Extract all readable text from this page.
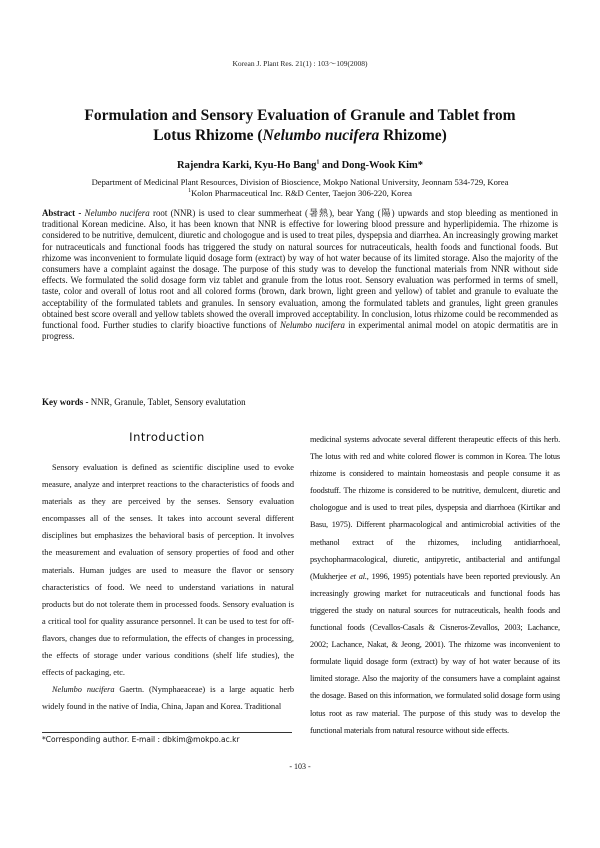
Korean J. Plant Res. 21(1) : 103～109(2008)
Formulation and Sensory Evaluation of Granule and Tablet from
Lotus Rhizome (Nelumbo nucifera Rhizome)
Rajendra Karki, Kyu-Ho Bang$^1$ and Dong-Wook Kim*
Department of Medicinal Plant Resources, Division of Bioscience, Mokpo National University, Jeonnam 534-729, Korea
$^1$Kolon Pharmaceutical Inc. R&D Center, Taejon 306-220, Korea
Abstract - Nelumbo nucifera root (NNR) is used to clear summerheat (暑熱), bear Yang (陽) upwards and stop bleeding as mentioned in traditional Korean medicine. Also, it has been known that NNR is effective for lowering blood pressure and hyperlipidemia. The rhizome is considered to be nutritive, demulcent, diuretic and chologogue and is used to treat piles, dyspepsia and diarrhea. An increasingly growing market for nutraceuticals and functional foods has triggered the study on natural sources for nutraceuticals, health foods and functional foods. But rhizome was inconvenient to formulate liquid dosage form (extract) by way of hot water because of its limited storage. Also the majority of the consumers have a complaint against the dosage. The purpose of this study was to develop the functional materials from NNR without side effects. We formulated the solid dosage form viz tablet and granule from the lotus root. Sensory evaluation was performed in terms of smell, taste, color and overall of lotus root and all colored forms (brown, dark brown, light green and yellow) of tablet and granule to evaluate the acceptability of the formulated tablets and granules. In sensory evaluation, among the formulated tablets and granules, light green granules obtained best score overall and yellow tablets showed the overall improved acceptability. In conclusion, lotus rhizome could be recommended as functional food. Further studies to clarify bioactive functions of Nelumbo nucifera in experimental animal model on atopic dermatitis are in progress.
Key words - NNR, Granule, Tablet, Sensory evalutation
Introduction

Sensory evaluation is defined as scientific discipline used to evoke measure, analyze and interpret reactions to the characteristics of foods and materials as they are perceived by the senses. Sensory evaluation encompasses all of the senses. It takes into account several different disciplines but emphasizes the behavioral basis of perception. It involves the measurement and evaluation of sensory properties of food and other materials. Human judges are used to measure the flavor or sensory characteristics of food. We need to understand variations in natural products but do not tolerate them in processed foods. Sensory evaluation is a critical tool for quality assurance personnel. It can be used to test for off-flavors, changes due to reformulation, the effects of changes in processing, the effects of storage under various conditions (shelf life studies), the effects of packaging, etc.

Nelumbo nucifera Gaertn. (Nymphaeaceae) is a large aquatic herb widely found in the native of India, China, Japan and Korea. Traditional

medicinal systems advocate several different therapeutic effects of this herb. The lotus with red and white colored flower is common in Korea. The lotus rhizome is considered to maintain homeostasis and people consume it as foodstuff. The rhizome is considered to be nutritive, demulcent, diuretic and chologogue and is used to treat piles, dyspepsia and diarrhoea (Kirtikar and Basu, 1975). Different pharmacological and antimicrobial activities of the methanol extract of the rhizomes, including antidiarrhoeal, psychopharmacological, diuretic, antipyretic, antibacterial and antifungal (Mukherjee et al., 1996, 1995) potentials have been reported previously. An increasingly growing market for nutraceuticals and functional foods has triggered the study on natural sources for nutraceuticals, health foods and functional foods (Cevallos-Casals & Cisneros-Zevallos, 2003; Lachance, 2002; Lachance, Nakat, & Jeong, 2001). The rhizome was inconvenient to formulate liquid dosage form (extract) by way of hot water because of its limited storage. Also the majority of the consumers have a complaint against the dosage. Based on this information, we formulated solid dosage form using lotus root as raw material. The purpose of this study was to develop the functional materials from natural resource without side effects.

*Corresponding author. E-mail : dbkim@mokpo.ac.kr
- 103 -
